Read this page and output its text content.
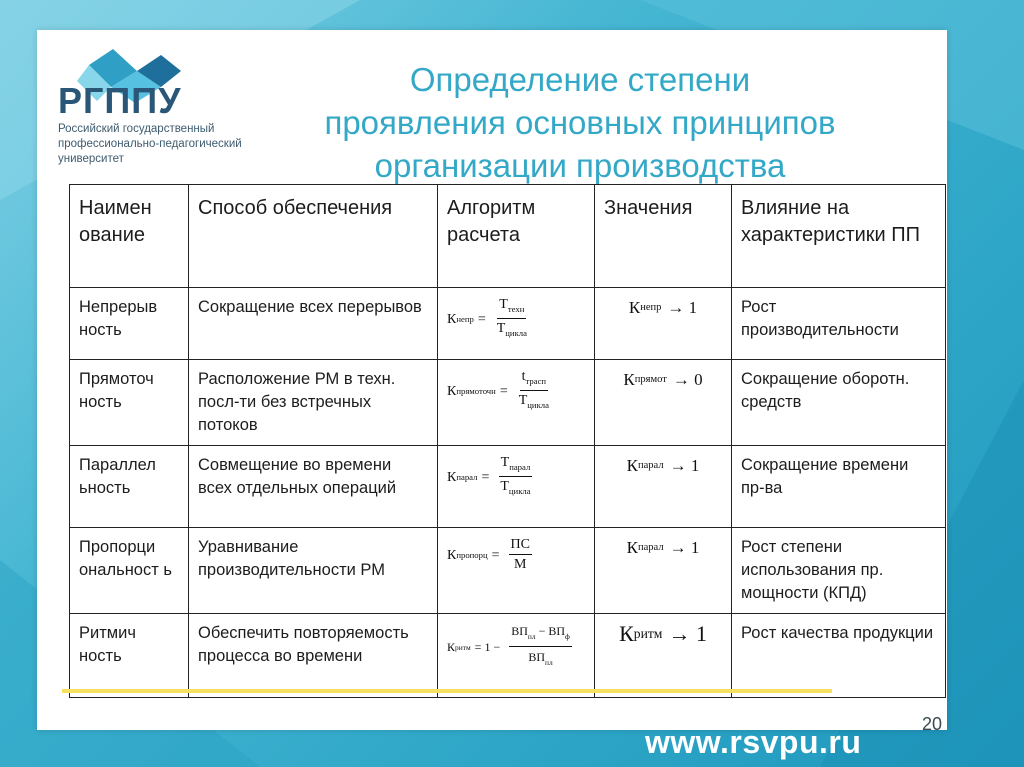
РГППУ
Российский государственный
профессионально-педагогический
университет
Определение степени
проявления основных принципов
организации производства
Наимен ование	Способ обеспечения	Алгоритм расчета	Значения	Влияние на характеристики ПП
Непрерыв ность	Сокращение всех перерывов	К непр = $\frac{Т_{техн}}{Т_{цикла}}$	К непр → 1	Рост производительности
Прямоточ ность	Расположение РМ в техн. посл-ти без встречных потоков	К прямоточн = $\frac{t_{трасп}}{Т_{цикла}}$	К прямот → 0	Сокращение оборотн. средств
Параллел ьность	Совмещение во времени всех отдельных операций	К парал = $\frac{Т_{парал}}{Т_{цикла}}$	К парал → 1	Сокращение времени пр-ва
Пропорци ональност ь	Уравнивание производительности РМ	К пропорц = $\frac{ПС}{М}$	К парал → 1	Рост степени использования пр. мощности (КПД)
Ритмич ность	Обеспечить повторяемость процесса во времени	К ритм = $1 - \frac{ВП_{пл} - ВП_ф}{ВП_{пл}}$	К ритм → 1	Рост качества продукции
www.rsvpu.ru	20
